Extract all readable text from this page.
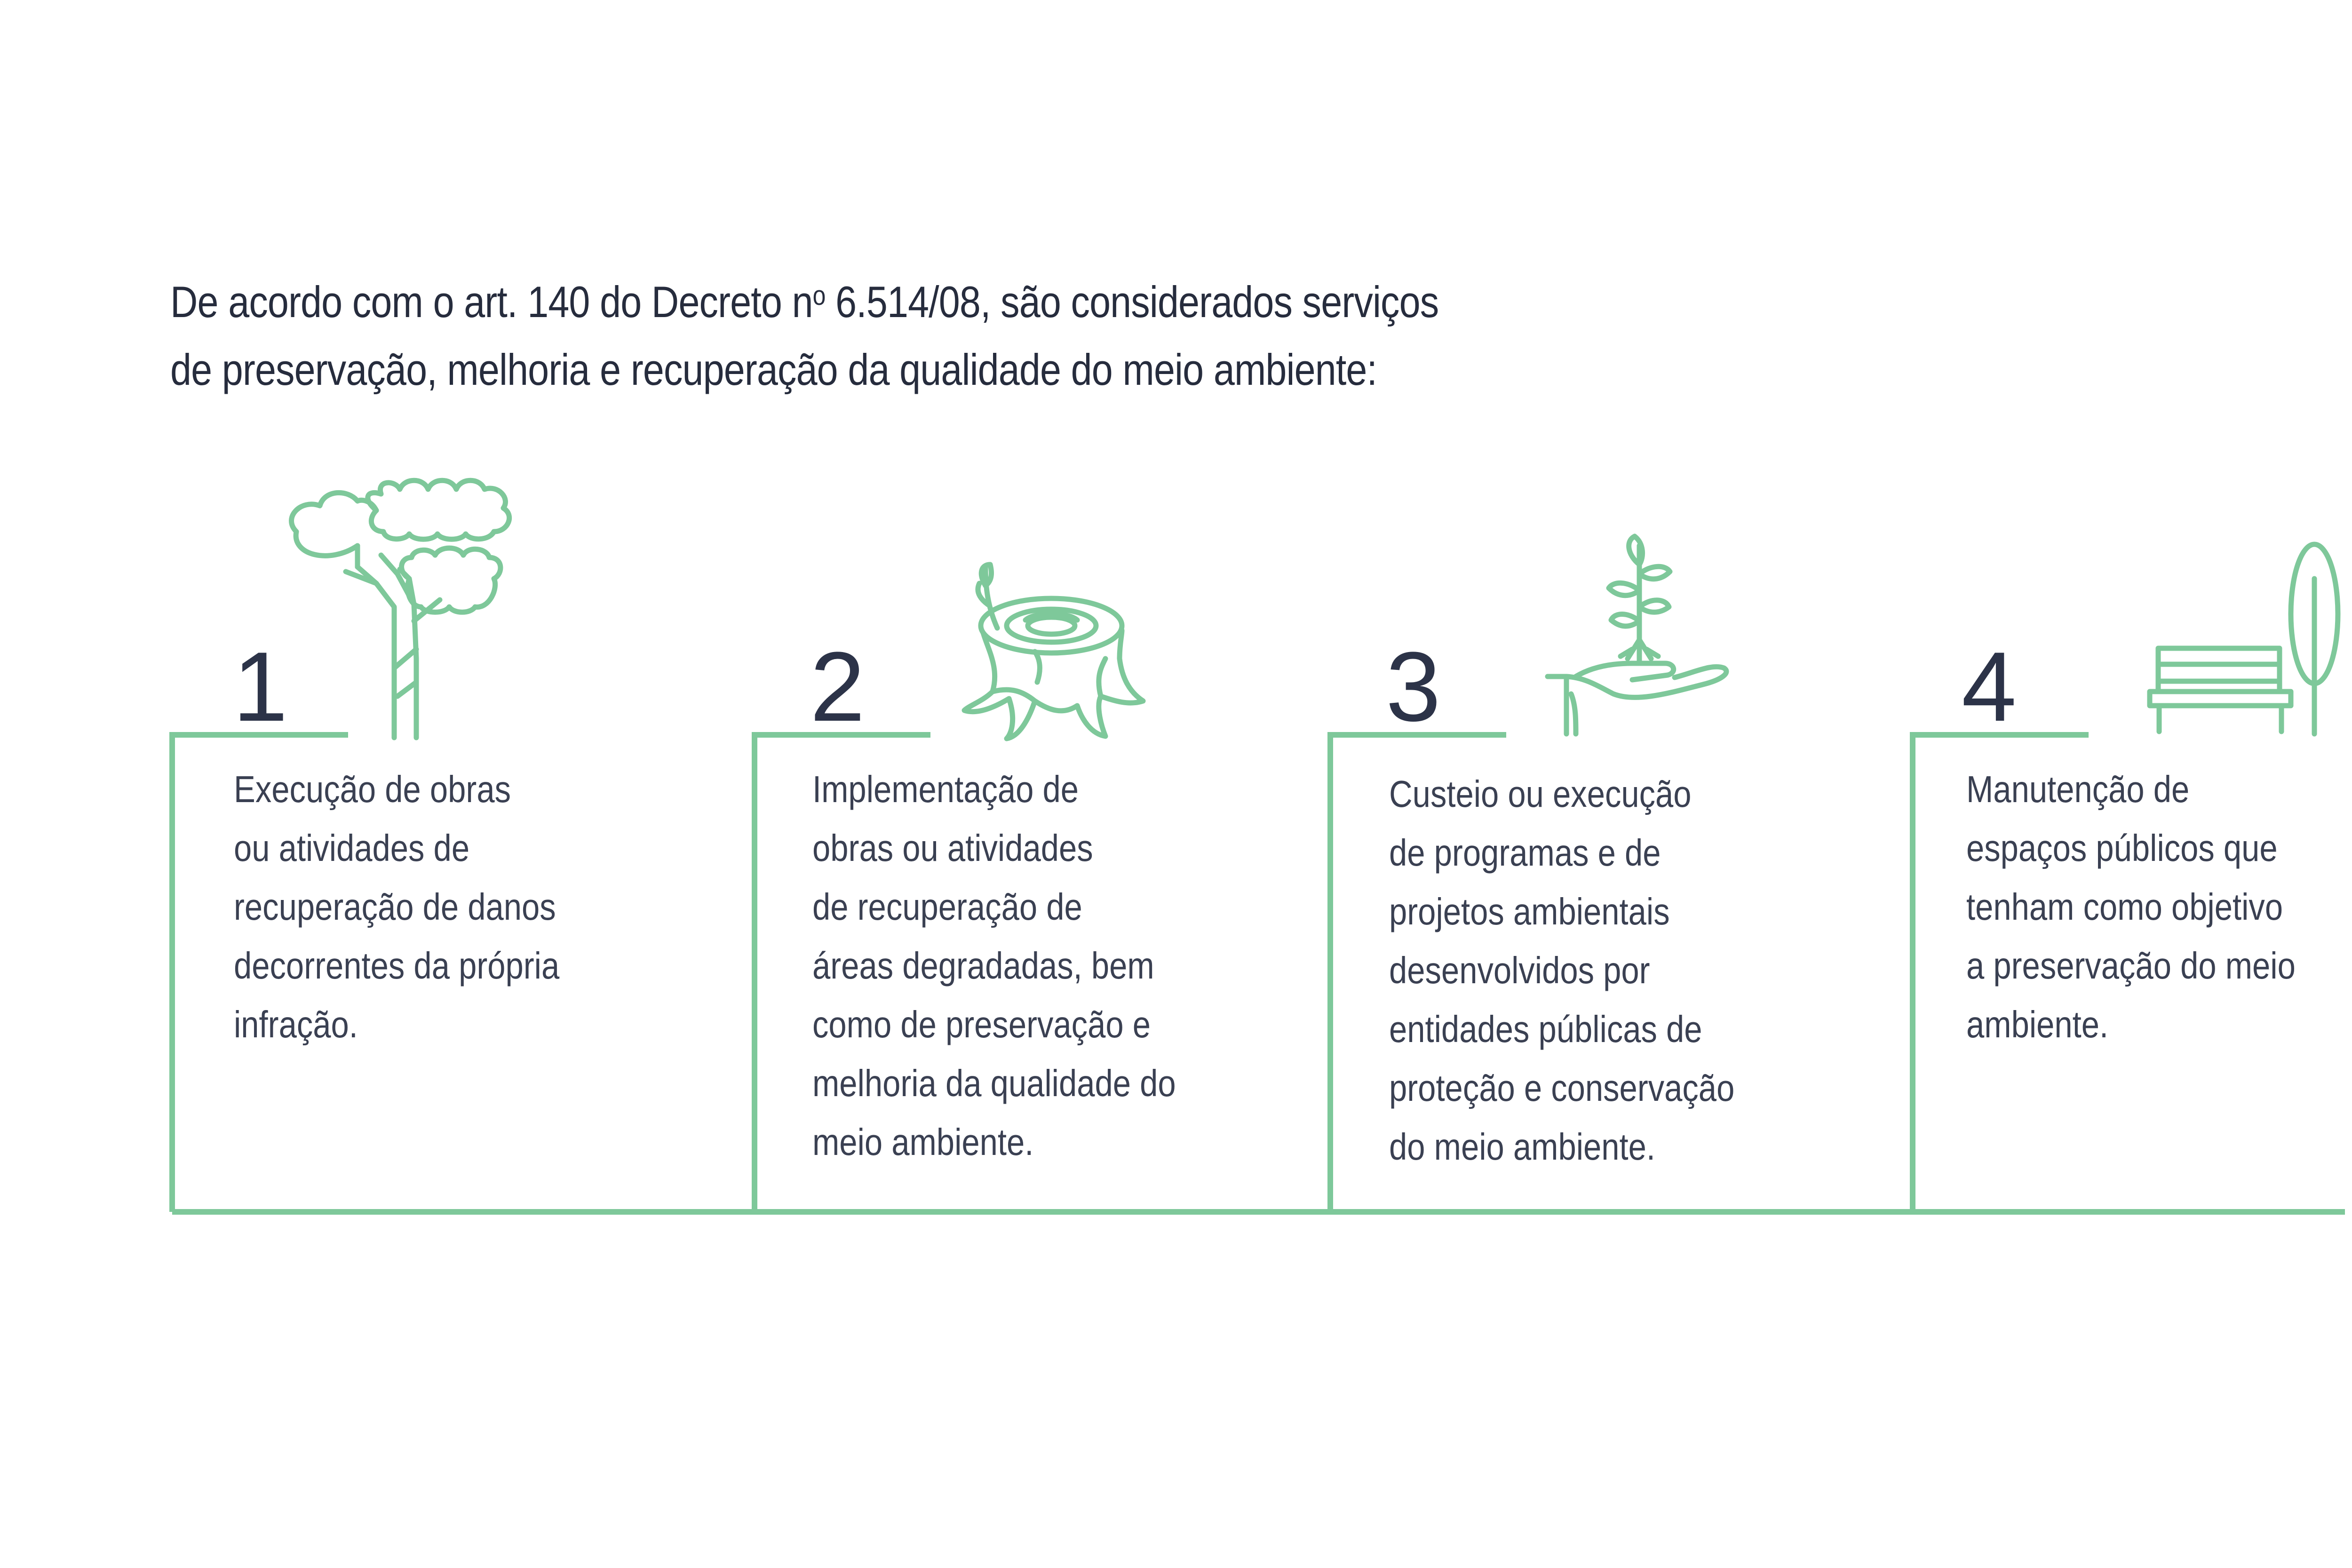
De acordo com o art. 140 do Decreto $n^o$ 6.514/08, são considerados serviços
de preservação, melhoria e recuperação da qualidade do meio ambiente:
1	2	3	4
Execução de obras
ou atividades de
recuperação de danos
decorrentes da própria
infração.
Implementação de
obras ou atividades
de recuperação de
áreas degradadas, bem
como de preservação e
melhoria da qualidade do
meio ambiente.
Custeio ou execução
de programas e de
projetos ambientais
desenvolvidos por
entidades públicas de
proteção e conservação
do meio ambiente.
Manutenção de
espaços públicos que
tenham como objetivo
a preservação do meio
ambiente.
